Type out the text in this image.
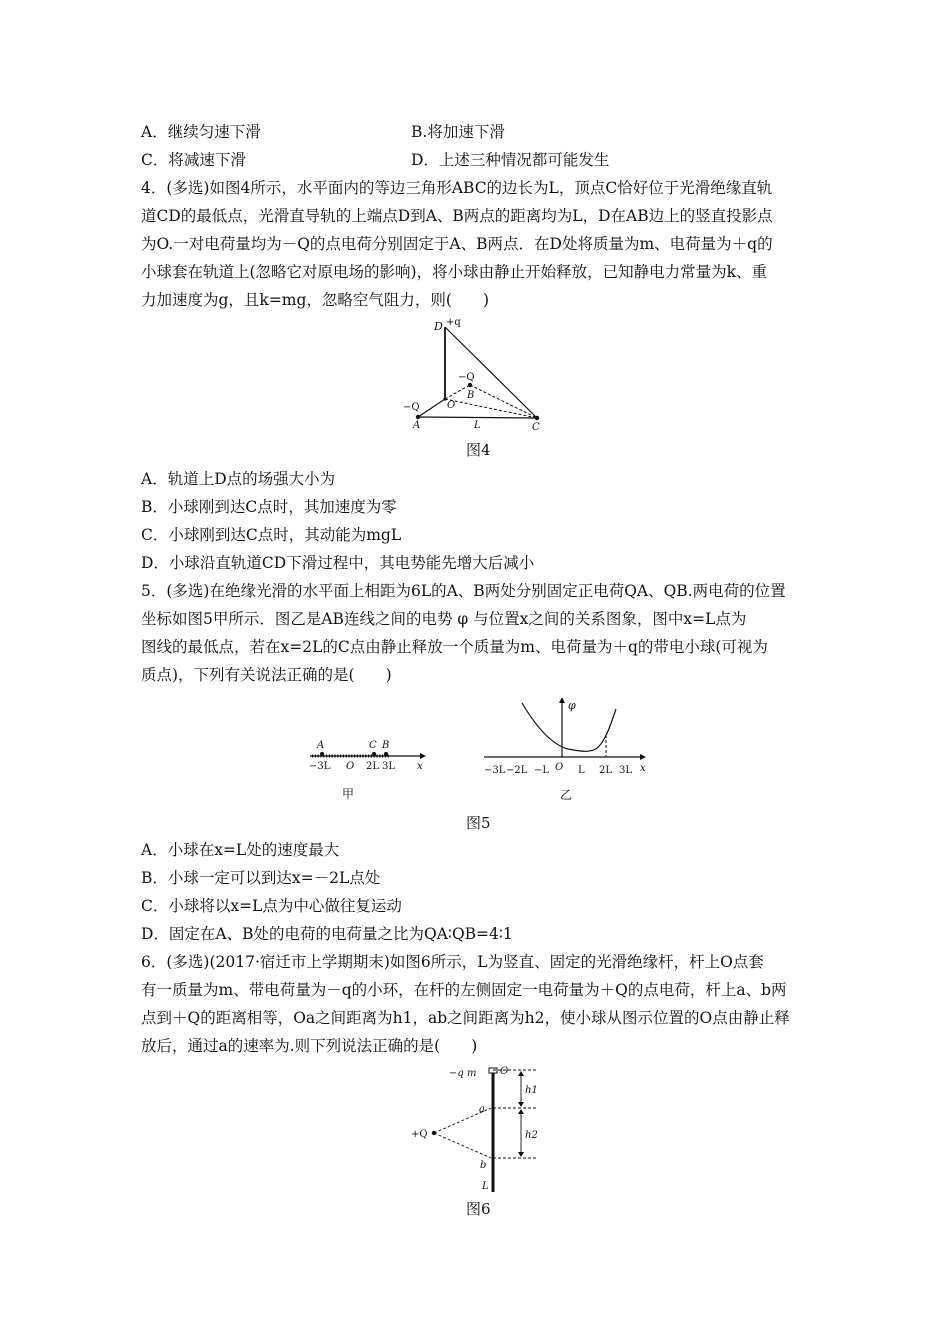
A．继续匀速下滑	B.将加速下滑
C．将减速下滑	D．上述三种情况都可能发生
4．(多选)如图4所示，水平面内的等边三角形ABC的边长为L，顶点C恰好位于光滑绝缘直轨
道CD的最低点，光滑直导轨的上端点D到A、B两点的距离均为L，D在AB边上的竖直投影点
为O.一对电荷量均为－Q的点电荷分别固定于A、B两点．在D处将质量为m、电荷量为＋q的
小球套在轨道上(忽略它对原电场的影响)，将小球由静止开始释放，已知静电力常量为k、重
力加速度为g，且k=mg，忽略空气阻力，则(　　)
D +q
−Q
B
−Q	O
A	L	C
图4
A．轨道上D点的场强大小为
B．小球刚到达C点时，其加速度为零
C．小球刚到达C点时，其动能为mgL
D．小球沿直轨道CD下滑过程中，其电势能先增大后减小
5．(多选)在绝缘光滑的水平面上相距为6L的A、B两处分别固定正电荷QA、QB.两电荷的位置
坐标如图5甲所示．图乙是AB连线之间的电势 φ 与位置x之间的关系图象，图中x=L点为
图线的最低点，若在x=2L的C点由静止释放一个质量为m、电荷量为＋q的带电小球(可视为
质点)，下列有关说法正确的是(　　)
A	C B
−3L O 2L 3L x
甲
φ
O
−3L −2L −L	L 2L 3L x
乙
图5
A．小球在x=L处的速度最大
B．小球一定可以到达x=－2L点处
C．小球将以x=L点为中心做往复运动
D．固定在A、B处的电荷的电荷量之比为QA∶QB=4∶1
6．(多选)(2017·宿迁市上学期期末)如图6所示，L为竖直、固定的光滑绝缘杆，杆上O点套
有一质量为m、带电荷量为－q的小环，在杆的左侧固定一电荷量为＋Q的点电荷，杆上a、b两
点到＋Q的距离相等，Oa之间距离为h1，ab之间距离为h2，使小球从图示位置的O点由静止释
放后，通过a的速率为.则下列说法正确的是(　　)
−q m O
h1
a
+Q	h2
b
L
图6
